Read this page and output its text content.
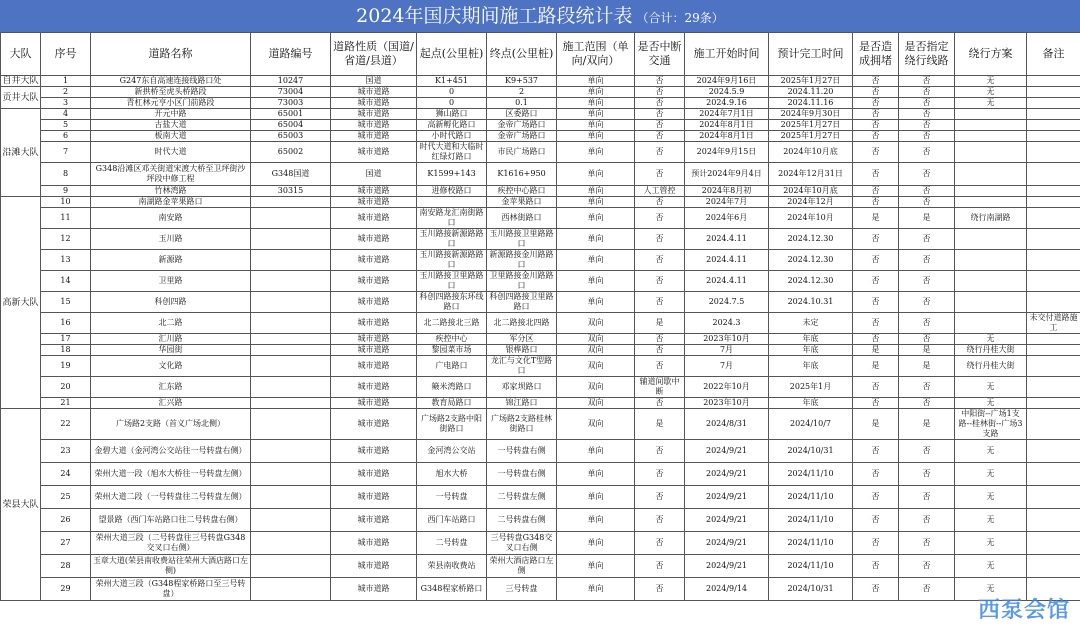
2024年国庆期间施工路段统计表 （合计：29条）
大队	序号	道路名称	道路编号	道路性质（国道/省道/县道）	起点(公里桩)	终点(公里桩)	施工范围（单向/双向）	是否中断交通	施工开始时间	预计完工时间	是否造成拥堵	是否指定绕行线路	绕行方案	备注
自井大队	1	G247东自高速连接线路口处	10247	国道	K1+451	K9+537	单向	否	2024年9月16日	2025年1月27日	否	否	无	
贡井大队	2	新拱桥至虎头桥路段	73004	城市道路	0	2	单向	否	2024.5.9	2024.11.20	否	否	无	
	3	青杠林元亨小区门前路段	73003	城市道路	0	0.1	单向	否	2024.9.16	2024.11.16	否	否	无	
沿滩大队	4	开元中路	65001	城市道路	狮山路口	区委路口	单向	否	2024年7月1日	2024年9月30日	否	否		
	5	古盐大道	65004	城市道路	高新孵化路口	金帝广场路口	单向	否	2024年8月1日	2025年1月27日	否	否		
	6	板南大道	65003	城市道路	小时代路口	金帝广场路口	单向	否	2024年8月1日	2025年1月27日	否	否		
	7	时代大道	65002	城市道路	时代大道和大临时红绿灯路口	市民广场路口	单向	否	2024年9月15日	2024年10月底	否	否		
	8	G348沿滩区邓关街道宋渡大桥至卫坪街沙坪段中修工程	G348国道	国道	K1599+143	K1616+950	单向	否	预计2024年9月4日	2024年12月31日	否	否		
	9	竹林湾路	30315	城市道路	进修校路口	疾控中心路口	单向	人工管控	2024年8月初	2024年10月底	否	否		
高新大队	10	南湖路金苹果路口		城市道路		金苹果路口	单向	否	2024年7月	2024年12月	否	否		
	11	南安路		城市道路	南安路龙汇南街路口	西林街路口	单向	否	2024年6月	2024年10月	是	是	绕行南湖路	
	12	玉川路		城市道路	玉川路接新源路路口	玉川路接卫里路路口	单向	否	2024.4.11	2024.12.30	否	否		
	13	新源路		城市道路	玉川路接新源路路口	新源路接金川路路口	单向	否	2024.4.11	2024.12.30	否	否		
	14	卫里路		城市道路	玉川路接卫里路路口	卫里路接金川路路口	单向	否	2024.4.11	2024.12.30	否	否		
	15	科创四路		城市道路	科创四路接东环线路口	科创四路接卫里路路口	单向	否	2024.7.5	2024.10.31	否	否		
	16	北二路		城市道路	北二路接北三路	北二路接北四路	双向	是	2024.3	未定	否	否		未交付道路施工
	17	汇川路		城市道路	疾控中心	军分区	双向	否	2023年10月	年底	否	否	无	
	18	华园街		城市道路	黎园菜市场	银桦路口	双向	否	7月	年底	是	是	绕行丹桂大街	
	19	文化路		城市道路	广电路口	龙汇与文化T型路口	双向	否	7月	年底	是	是	绕行丹桂大街	
	20	汇东路		城市道路	簸米湾路口	邓家坝路口	双向	辅道间歇中断	2022年10月	2025年1月	否	否	无	
	21	汇兴路		城市道路	教育局路口	锦江路口	双向	否	2023年10月	年底	否	否	无	
荣县大队	22	广场路2支路（首义广场北侧）		城市道路	广场路2支路中阳街路口	广场路2支路桂林街路口	双向	是	2024/8/31	2024/10/7	是	是	中阳街--广场1支路--桂林街--广场3支路	
	23	金碧大道（金河湾公交站往一号转盘右侧）		城市道路	金河湾公交站	一号转盘右侧	单向	否	2024/9/21	2024/10/31	否	否	无	
	24	荣州大道一段（旭水大桥往一号转盘左侧）		城市道路	旭水大桥	一号转盘右侧	单向	否	2024/9/21	2024/11/10	否	否	无	
	25	荣州大道二段（一号转盘往二号转盘左侧）		城市道路	一号转盘	二号转盘左侧	单向	否	2024/9/21	2024/11/10	否	否	无	
	26	望景路（西门车站路口往二号转盘右侧）		城市道路	西门车站路口	二号转盘右侧	单向	否	2024/9/21	2024/11/10	否	否	无	
	27	荣州大道三段（二号转盘往三号转盘G348交叉口右侧）		城市道路	二号转盘	三号转盘G348交叉口右侧	单向	否	2024/9/21	2024/11/10	否	否	无	
	28	玉章大道(荣县南收费站往荣州大酒店路口左侧)		城市道路	荣县南收费站	荣州大酒店路口左侧	单向	否	2024/9/21	2024/11/10	否	否	无	
	29	荣州大道三段（G348程家桥路口至三号转盘）		城市道路	G348程家桥路口	三号转盘	单向	否	2024/9/14	2024/10/31	否	否	无	
西泵会馆
